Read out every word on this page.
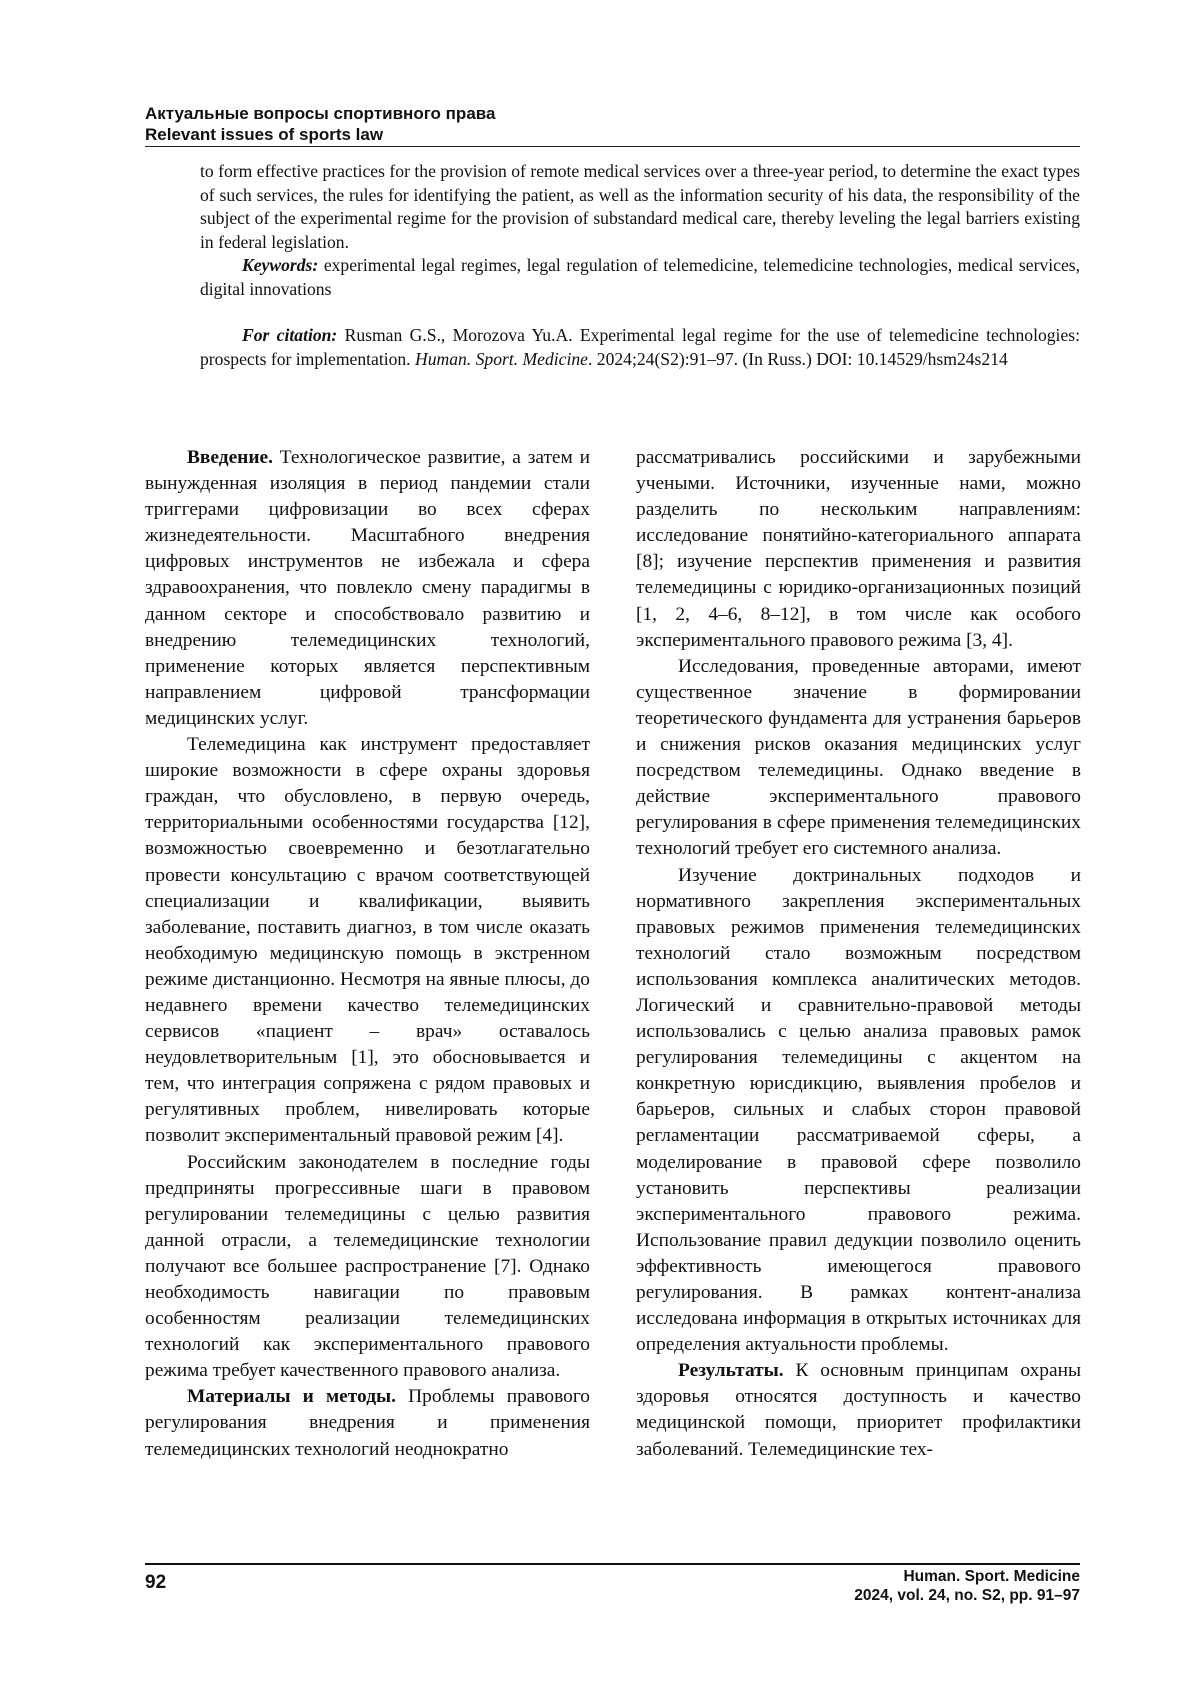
Актуальные вопросы спортивного права
Relevant issues of sports law

to form effective practices for the provision of remote medical services over a three-year period, to determine the exact types of such services, the rules for identifying the patient, as well as the information security of his data, the responsibility of the subject of the experimental regime for the provision of substandard medical care, thereby leveling the legal barriers existing in federal legislation.

Keywords: experimental legal regimes, legal regulation of telemedicine, telemedicine technologies, medical services, digital innovations

For citation: Rusman G.S., Morozova Yu.A. Experimental legal regime for the use of telemedicine technologies: prospects for implementation. Human. Sport. Medicine. 2024;24(S2):91–97. (In Russ.) DOI: 10.14529/hsm24s214

Введение. Технологическое развитие, а затем и вынужденная изоляция в период пандемии стали триггерами цифровизации во всех сферах жизнедеятельности. Масштабного внедрения цифровых инструментов не избежала и сфера здравоохранения, что повлекло смену парадигмы в данном секторе и способствовало развитию и внедрению телемедицинских технологий, применение которых является перспективным направлением цифровой трансформации медицинских услуг.

Телемедицина как инструмент предоставляет широкие возможности в сфере охраны здоровья граждан, что обусловлено, в первую очередь, территориальными особенностями государства [12], возможностью своевременно и безотлагательно провести консультацию с врачом соответствующей специализации и квалификации, выявить заболевание, поставить диагноз, в том числе оказать необходимую медицинскую помощь в экстренном режиме дистанционно. Несмотря на явные плюсы, до недавнего времени качество телемедицинских сервисов «пациент – врач» оставалось неудовлетворительным [1], это обосновывается и тем, что интеграция сопряжена с рядом правовых и регулятивных проблем, нивелировать которые позволит экспериментальный правовой режим [4].

Российским законодателем в последние годы предприняты прогрессивные шаги в правовом регулировании телемедицины с целью развития данной отрасли, а телемедицинские технологии получают все большее распространение [7]. Однако необходимость навигации по правовым особенностям реализации телемедицинских технологий как экспериментального правового режима требует качественного правового анализа.

Материалы и методы. Проблемы правового регулирования внедрения и применения телемедицинских технологий неоднократно

рассматривались российскими и зарубежными учеными. Источники, изученные нами, можно разделить по нескольким направлениям: исследование понятийно-категориального аппарата [8]; изучение перспектив применения и развития телемедицины с юридико-организационных позиций [1, 2, 4–6, 8–12], в том числе как особого экспериментального правового режима [3, 4].

Исследования, проведенные авторами, имеют существенное значение в формировании теоретического фундамента для устранения барьеров и снижения рисков оказания медицинских услуг посредством телемедицины. Однако введение в действие экспериментального правового регулирования в сфере применения телемедицинских технологий требует его системного анализа.

Изучение доктринальных подходов и нормативного закрепления экспериментальных правовых режимов применения телемедицинских технологий стало возможным посредством использования комплекса аналитических методов. Логический и сравнительно-правовой методы использовались с целью анализа правовых рамок регулирования телемедицины с акцентом на конкретную юрисдикцию, выявления пробелов и барьеров, сильных и слабых сторон правовой регламентации рассматриваемой сферы, а моделирование в правовой сфере позволило установить перспективы реализации экспериментального правового режима. Использование правил дедукции позволило оценить эффективность имеющегося правового регулирования. В рамках контент-анализа исследована информация в открытых источниках для определения актуальности проблемы.

Результаты. К основным принципам охраны здоровья относятся доступность и качество медицинской помощи, приоритет профилактики заболеваний. Телемедицинские тех-

92	Human. Sport. Medicine
2024, vol. 24, no. S2, pp. 91–97
